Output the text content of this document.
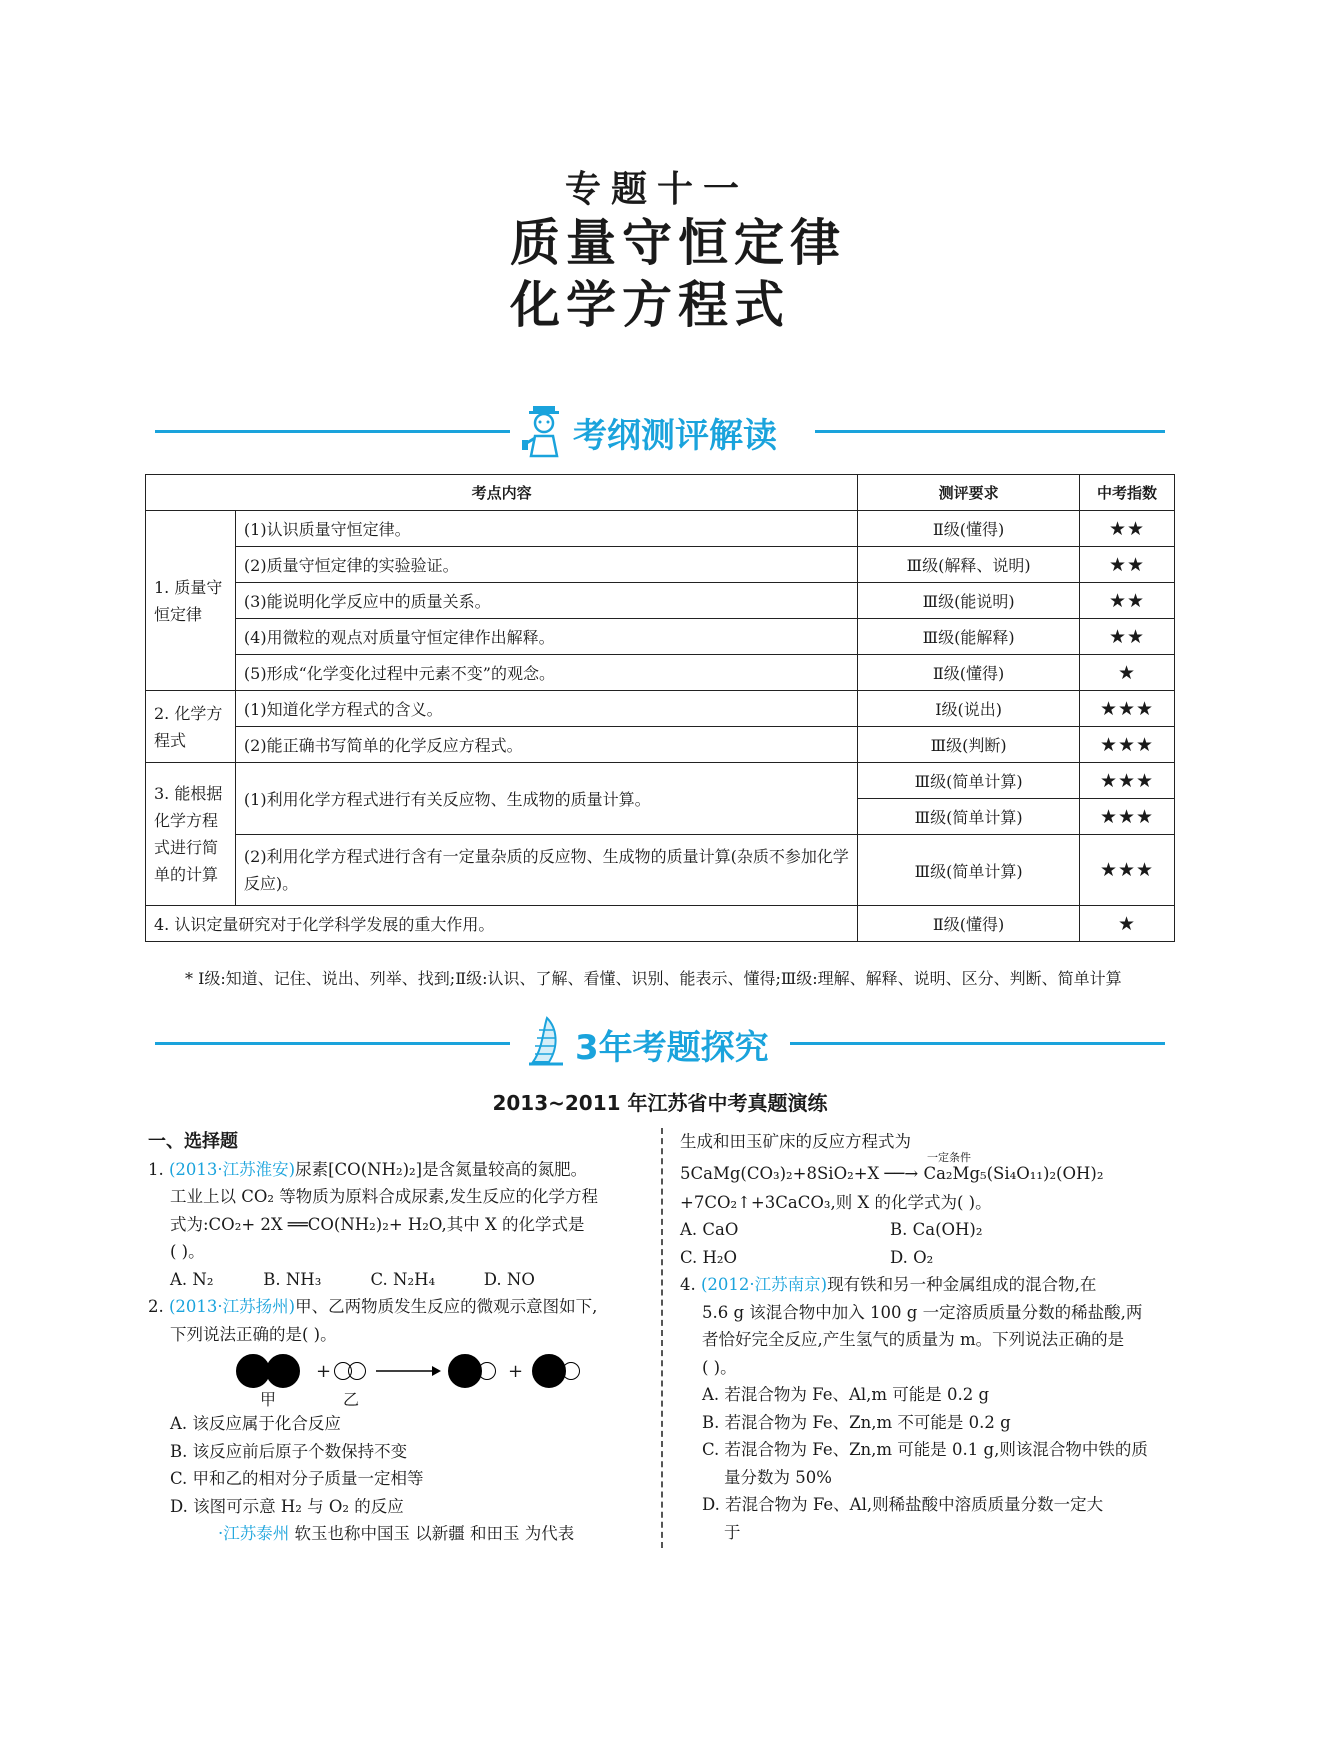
专题十一
质量守恒定律
化学方程式
考纲测评解读
考点内容		测评要求	中考指数
1. 质量守恒定律	(1)认识质量守恒定律。	Ⅱ级(懂得)	★★
	(2)质量守恒定律的实验验证。	Ⅲ级(解释、说明)	★★
	(3)能说明化学反应中的质量关系。	Ⅲ级(能说明)	★★
	(4)用微粒的观点对质量守恒定律作出解释。	Ⅲ级(能解释)	★★
	(5)形成“化学变化过程中元素不变”的观念。	Ⅱ级(懂得)	★
2. 化学方程式	(1)知道化学方程式的含义。	Ⅰ级(说出)	★★★
	(2)能正确书写简单的化学反应方程式。	Ⅲ级(判断)	★★★
3. 能根据化学方程式进行简单的计算	(1)利用化学方程式进行有关反应物、生成物的质量计算。	Ⅲ级(简单计算)	★★★
		Ⅲ级(简单计算)	★★★
	(2)利用化学方程式进行含有一定量杂质的反应物、生成物的质量计算(杂质不参加化学反应)。	Ⅲ级(简单计算)	★★★
4. 认识定量研究对于化学科学发展的重大作用。		Ⅱ级(懂得)	★
* Ⅰ级:知道、记住、说出、列举、找到;Ⅱ级:认识、了解、看懂、识别、能表示、懂得;Ⅲ级:理解、解释、说明、区分、判断、简单计算
3年考题探究
2013~2011 年江苏省中考真题演练
一、选择题
1. (2013·江苏淮安)尿素[CO(NH₂)₂]是含氮量较高的氮肥。
工业上以 CO₂ 等物质为原料合成尿素,发生反应的化学方程
式为:CO₂+ 2X ══CO(NH₂)₂+ H₂O,其中 X 的化学式是
( )。
A. N₂	B. NH₃	C. N₂H₄	D. NO
2. (2013·江苏扬州)甲、乙两物质发生反应的微观示意图如下,
下列说法正确的是( )。
+	+
甲	乙
A. 该反应属于化合反应
B. 该反应前后原子个数保持不变
C. 甲和乙的相对分子质量一定相等
D. 该图可示意 H₂ 与 O₂ 的反应
·江苏泰州 软玉也称中国玉 以新疆 和田玉 为代表
生成和田玉矿床的反应方程式为
一定条件
5CaMg(CO₃)₂+8SiO₂+X ──→ Ca₂Mg₅(Si₄O₁₁)₂(OH)₂
+7CO₂↑+3CaCO₃,则 X 的化学式为( )。
A. CaO	B. Ca(OH)₂
C. H₂O	D. O₂
4. (2012·江苏南京)现有铁和另一种金属组成的混合物,在
5.6 g 该混合物中加入 100 g 一定溶质质量分数的稀盐酸,两
者恰好完全反应,产生氢气的质量为 m。下列说法正确的是
( )。
A. 若混合物为 Fe、Al,m 可能是 0.2 g
B. 若混合物为 Fe、Zn,m 不可能是 0.2 g
C. 若混合物为 Fe、Zn,m 可能是 0.1 g,则该混合物中铁的质
量分数为 50%
D. 若混合物为 Fe、Al,则稀盐酸中溶质质量分数一定大
于
